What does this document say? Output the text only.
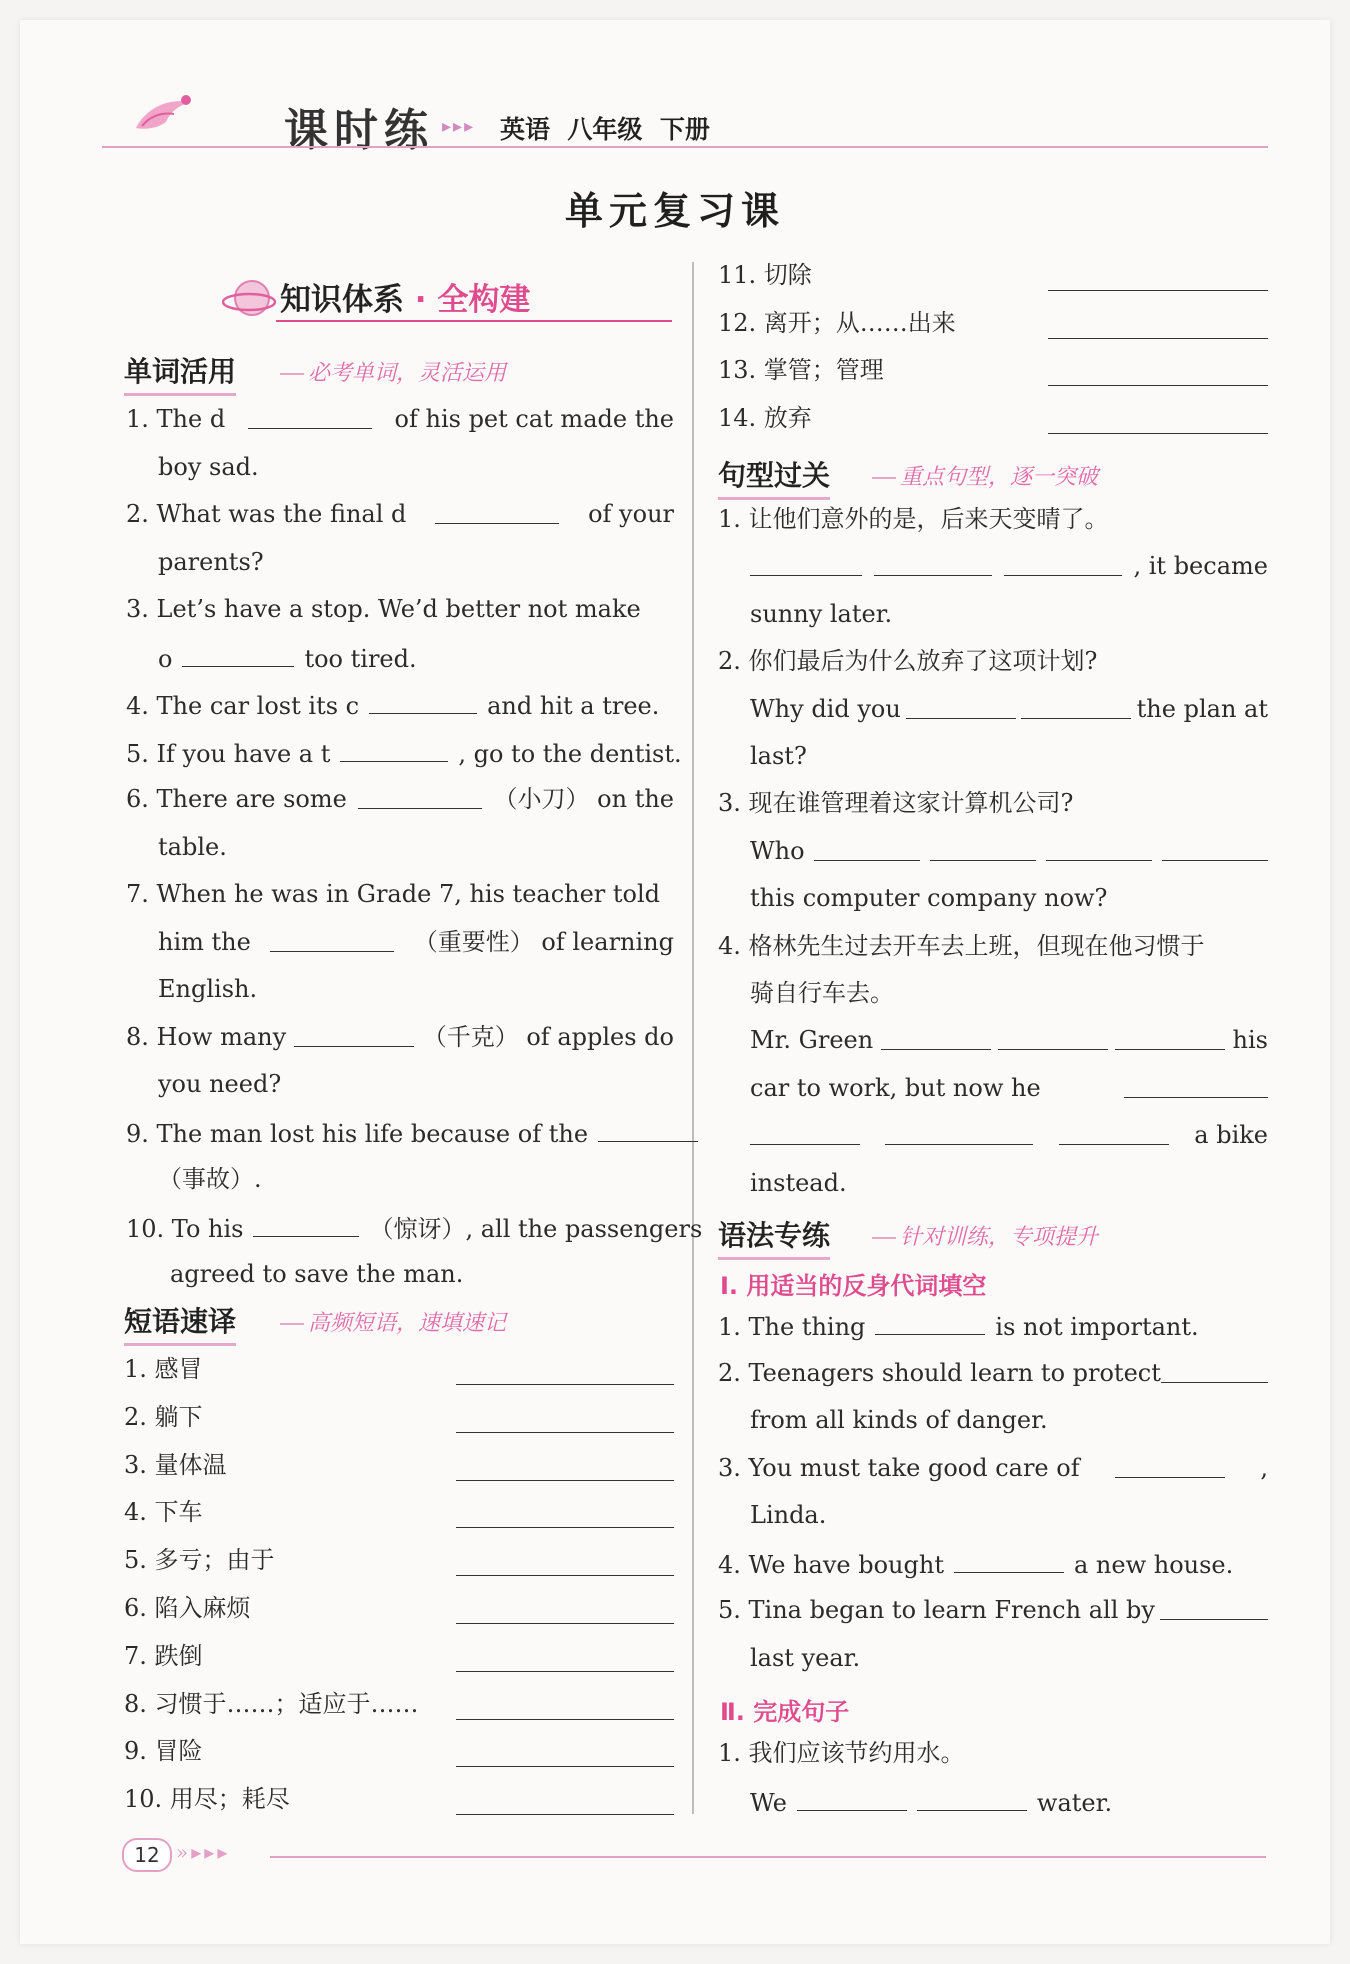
课时练 ▸▸▸ 英语  八年级  下册
单元复习课
知识体系 · 全构建
单词活用	必考单词，灵活运用
1. The d	of his pet cat made the
boy sad.
2. What was the final d	of your
parents?
3. Let’s have a stop. We’d better not make
o	too tired.
4. The car lost its c	and hit a tree.
5. If you have a t	, go to the dentist.
6. There are some	（小刀） on the
table.
7. When he was in Grade 7, his teacher told
him the	（重要性） of learning
English.
8. How many	（千克） of apples do
you need?
9. The man lost his life because of the
（事故）.
10. To his	（惊讶）, all the passengers
agreed to save the man.
短语速译	高频短语，速填速记
1. 感冒
2. 躺下
3. 量体温
4. 下车
5. 多亏；由于
6. 陷入麻烦
7. 跌倒
8. 习惯于……；适应于……
9. 冒险
10. 用尽；耗尽
11. 切除
12. 离开；从……出来
13. 掌管；管理
14. 放弃
句型过关	重点句型，逐一突破
1. 让他们意外的是，后来天变晴了。
, it became
sunny later.
2. 你们最后为什么放弃了这项计划?
Why did you	the plan at
last?
3. 现在谁管理着这家计算机公司?
Who
this computer company now?
4. 格林先生过去开车去上班，但现在他习惯于
骑自行车去。
Mr. Green	his
car to work, but now he
a bike
instead.
语法专练	针对训练，专项提升
Ⅰ. 用适当的反身代词填空
1. The thing	is not important.
2. Teenagers should learn to protect
from all kinds of danger.
3. You must take good care of	,
Linda.
4. We have bought	a new house.
5. Tina began to learn French all by
last year.
Ⅱ. 完成句子
1. 我们应该节约用水。
We	water.
12 »▸▸▸
